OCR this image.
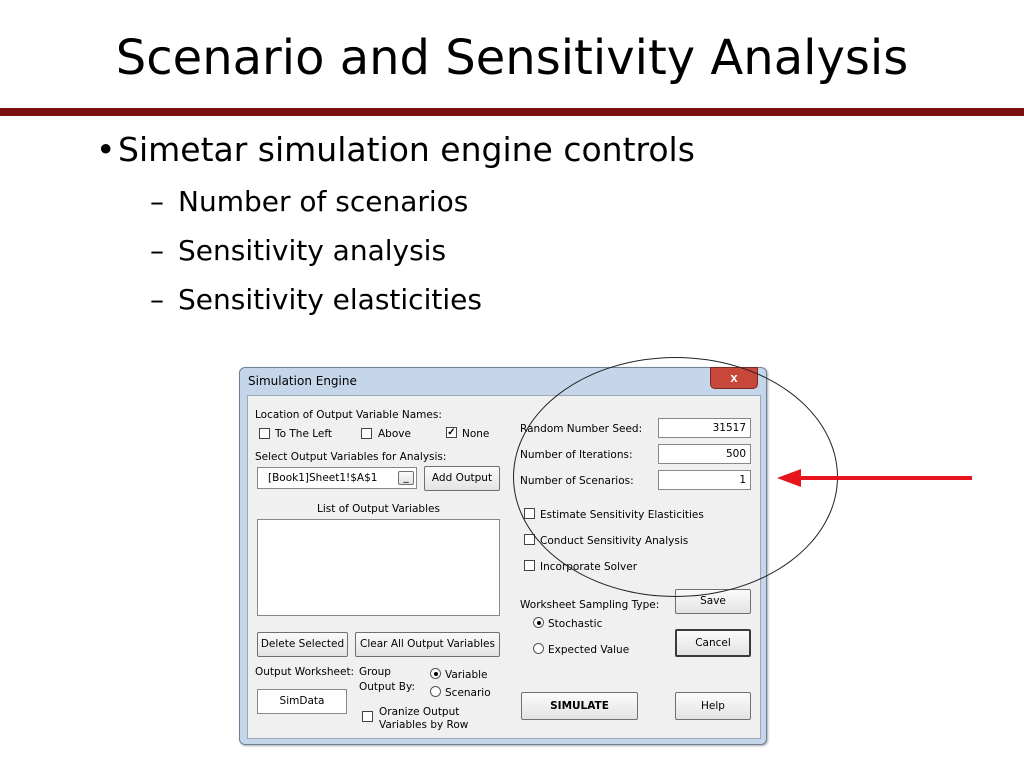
Scenario and Sensitivity Analysis
•Simetar simulation engine controls
– Number of scenarios
– Sensitivity analysis
– Sensitivity elasticities
Simulation Engine	x
Location of Output Variable Names:
To The Left	Above	✓ None
Select Output Variables for Analysis:
[Book1]Sheet1!$A$1	_	Add Output
List of Output Variables
Delete Selected	Clear All Output Variables
Output Worksheet:
SimData
Group
Output By:
Variable
Scenario
Oranize Output
Variables by Row
Random Number Seed:	31517
Number of Iterations:	500
Number of Scenarios:	1
Estimate Sensitivity Elasticities
Conduct Sensitivity Analysis
Incorporate Solver
Worksheet Sampling Type:
Stochastic
Expected Value
Save
Cancel
SIMULATE	Help
